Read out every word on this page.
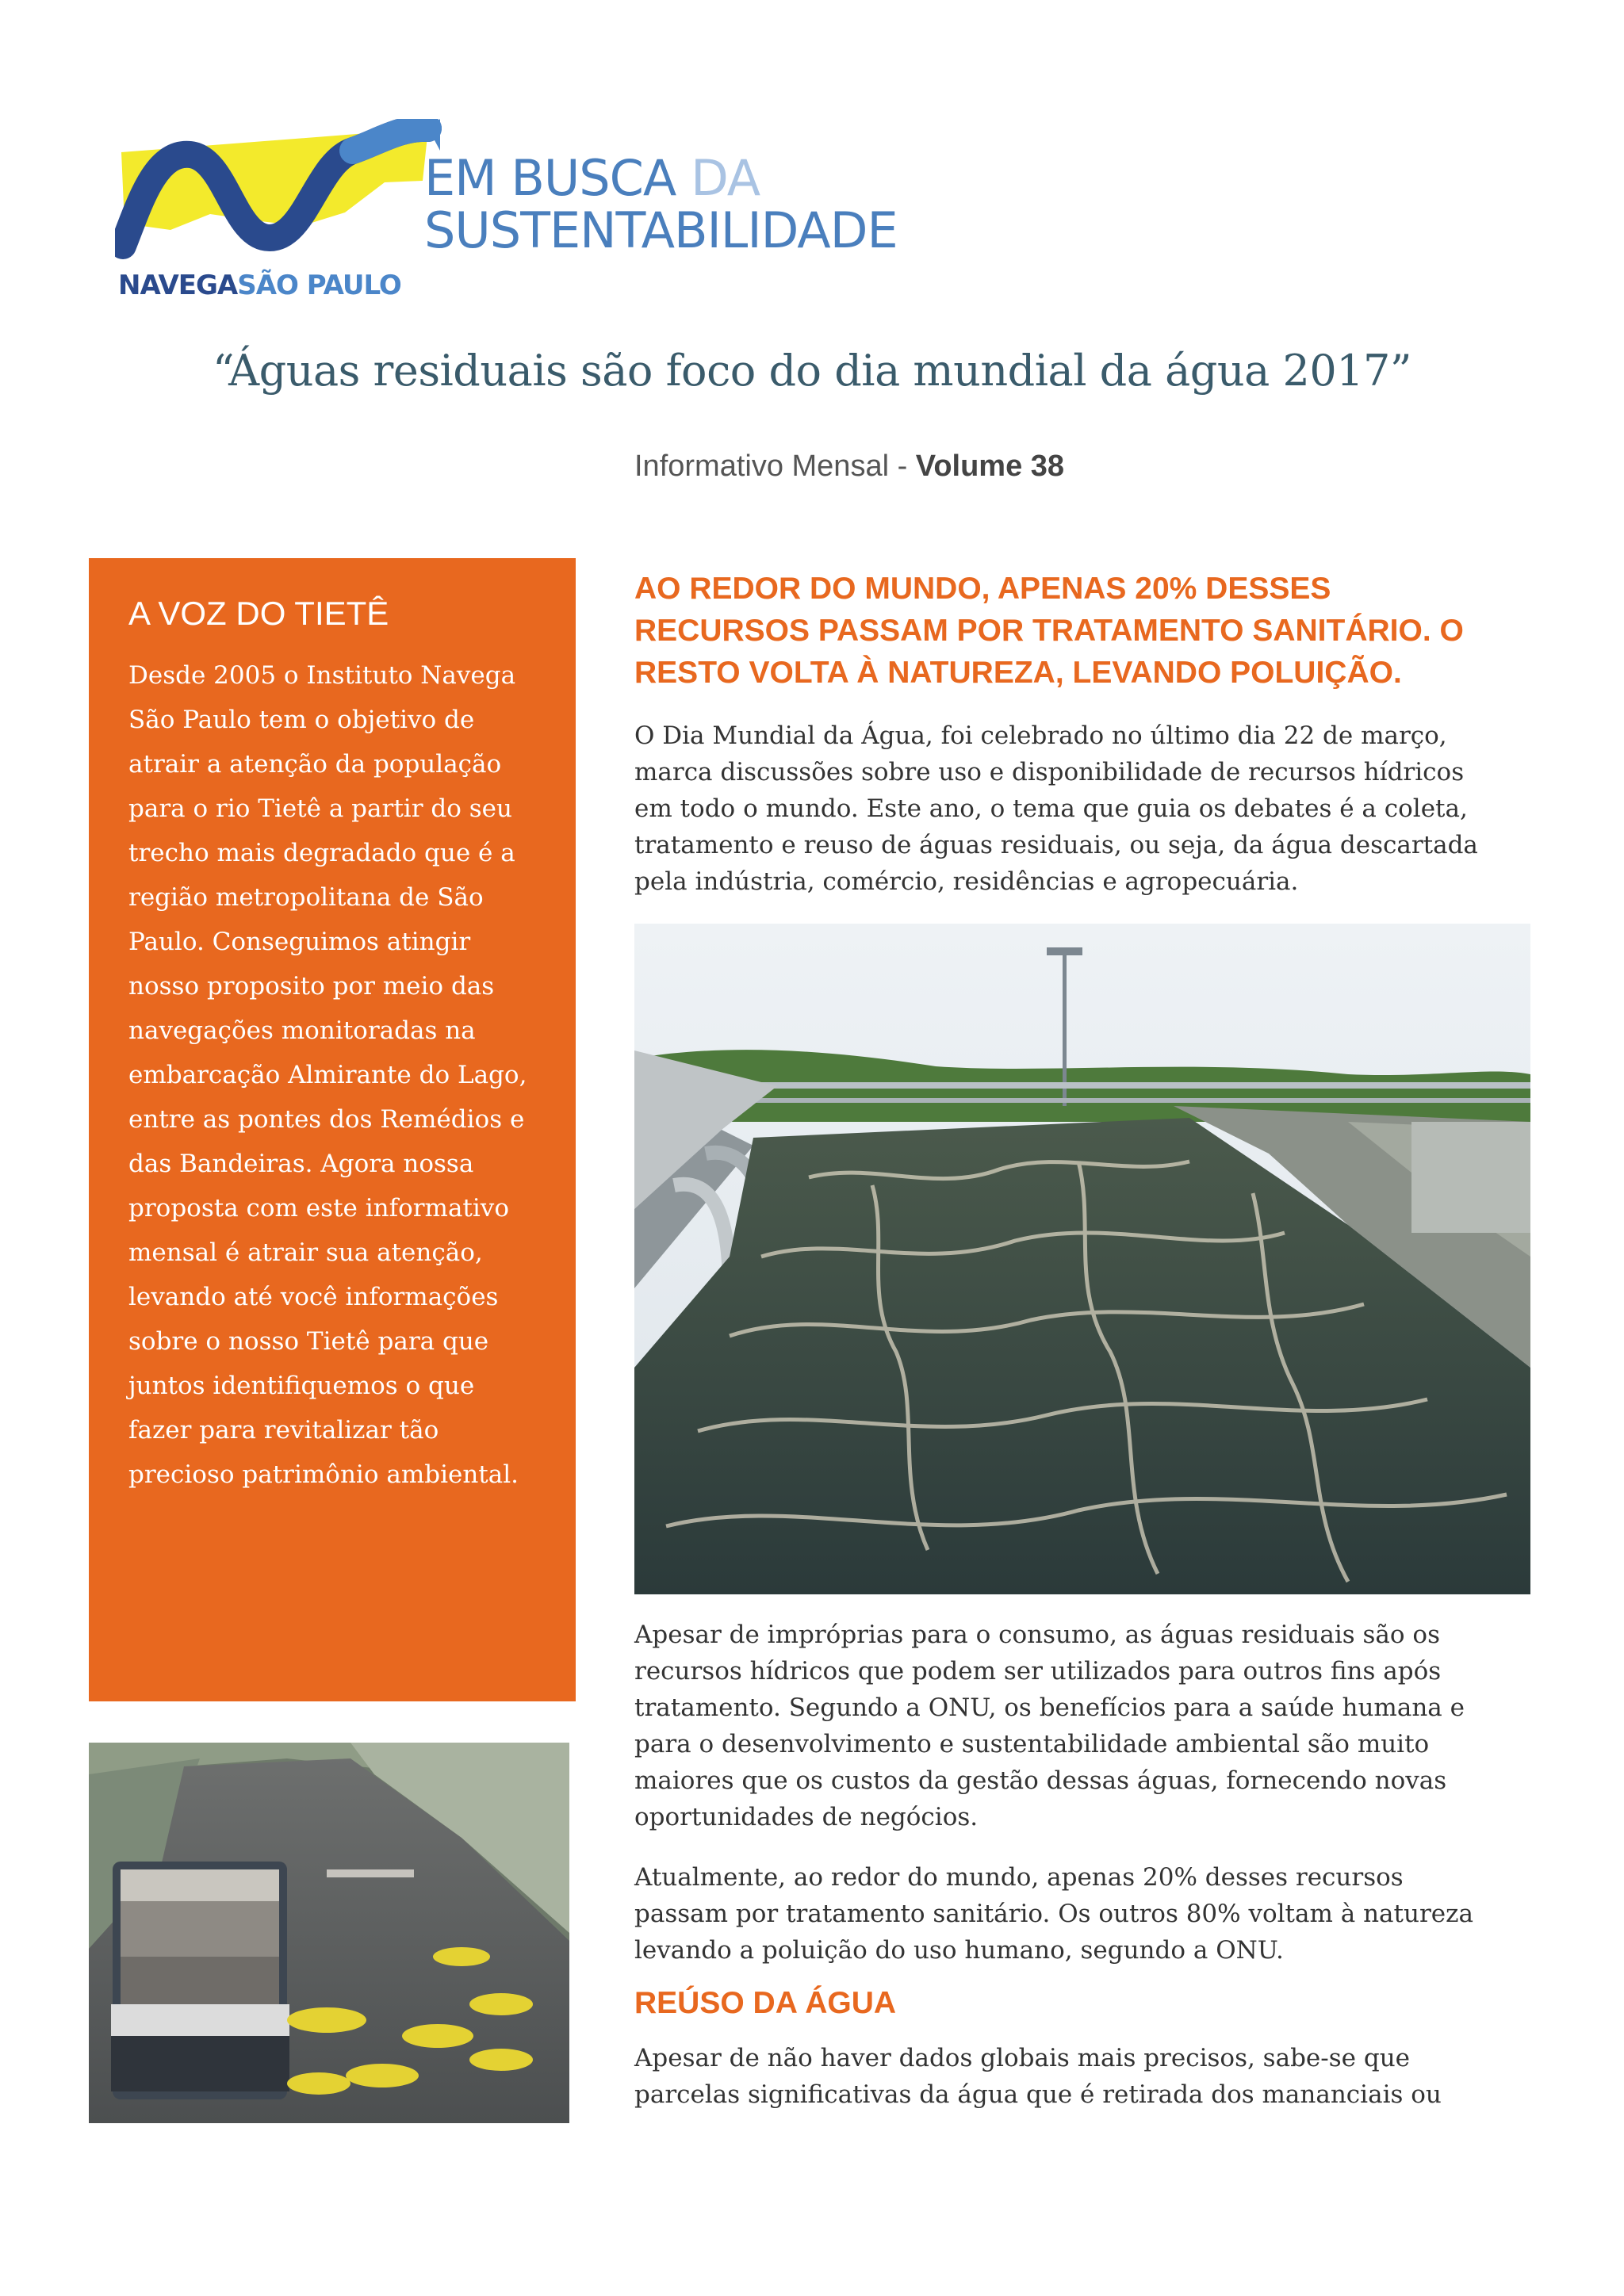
NAVEGASÃO PAULO
EM BUSCA DA
SUSTENTABILIDADE
“Águas residuais são foco do dia mundial da água 2017”
Informativo Mensal - Volume 38
A VOZ DO TIETÊ
Desde 2005 o Instituto Navega
São Paulo tem o objetivo de
atrair a atenção da população
para o rio Tietê a partir do seu
trecho mais degradado que é a
região metropolitana de São
Paulo. Conseguimos atingir
nosso proposito por meio das
navegações monitoradas na
embarcação Almirante do Lago,
entre as pontes dos Remédios e
das Bandeiras. Agora nossa
proposta com este informativo
mensal é atrair sua atenção,
levando até você informações
sobre o nosso Tietê para que
juntos identifiquemos o que
fazer para revitalizar tão
precioso patrimônio ambiental.
AO REDOR DO MUNDO, APENAS 20% DESSES
RECURSOS PASSAM POR TRATAMENTO SANITÁRIO. O
RESTO VOLTA À NATUREZA, LEVANDO POLUIÇÃO.
O Dia Mundial da Água, foi celebrado no último dia 22 de março,
marca discussões sobre uso e disponibilidade de recursos hídricos
em todo o mundo. Este ano, o tema que guia os debates é a coleta,
tratamento e reuso de águas residuais, ou seja, da água descartada
pela indústria, comércio, residências e agropecuária.
Apesar de impróprias para o consumo, as águas residuais são os
recursos hídricos que podem ser utilizados para outros fins após
tratamento. Segundo a ONU, os benefícios para a saúde humana e
para o desenvolvimento e sustentabilidade ambiental são muito
maiores que os custos da gestão dessas águas, fornecendo novas
oportunidades de negócios.
Atualmente, ao redor do mundo, apenas 20% desses recursos
passam por tratamento sanitário. Os outros 80% voltam à natureza
levando a poluição do uso humano, segundo a ONU.
REÚSO DA ÁGUA
Apesar de não haver dados globais mais precisos, sabe-se que
parcelas significativas da água que é retirada dos mananciais ou
